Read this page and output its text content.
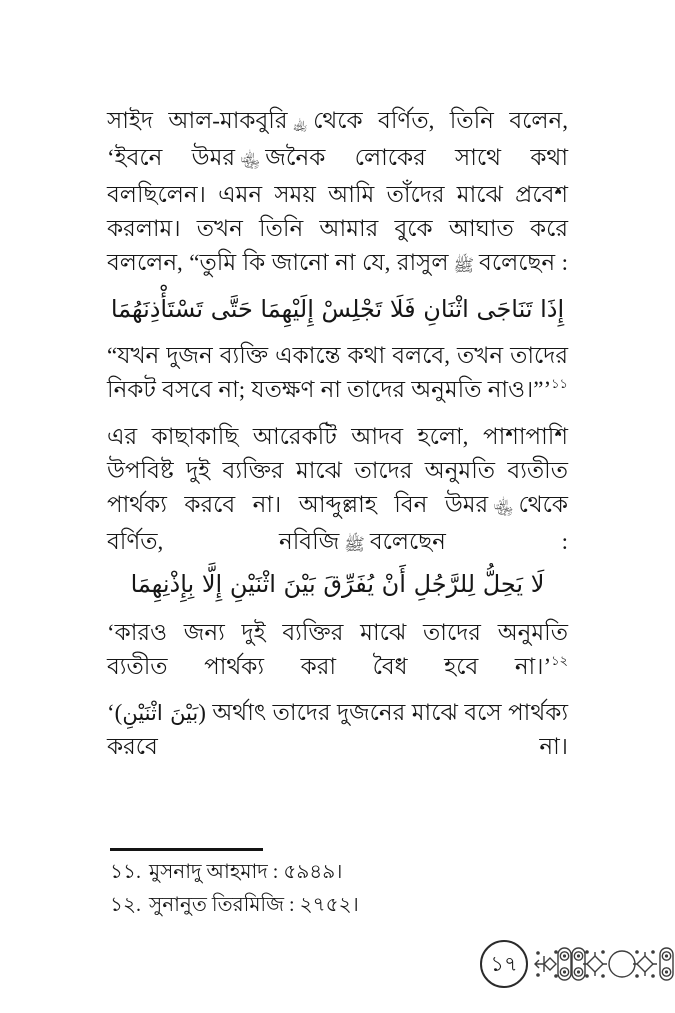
সাইদ আল-মাকবুরি ﵀ থেকে বর্ণিত, তিনি বলেন, ‘ইবনে উমর ﵄ জনৈক লোকের সাথে কথা বলছিলেন। এমন সময় আমি তাঁদের মাঝে প্রবেশ করলাম। তখন তিনি আমার বুকে আঘাত করে বললেন, “তুমি কি জানো না যে, রাসুল ﷺ বলেছেন :
إِذَا تَنَاجَى اثْنَانِ فَلَا تَجْلِسْ إِلَيْهِمَا حَتَّى تَسْتَأْذِنَهُمَا
“যখন দুজন ব্যক্তি একান্তে কথা বলবে, তখন তাদের নিকট বসবে না; যতক্ষণ না তাদের অনুমতি নাও।”’$^{১১}$
এর কাছাকাছি আরেকটি আদব হলো, পাশাপাশি উপবিষ্ট দুই ব্যক্তির মাঝে তাদের অনুমতি ব্যতীত পার্থক্য করবে না। আব্দুল্লাহ বিন উমর ﵄ থেকে বর্ণিত, নবিজি ﷺ বলেছেন :
لَا يَحِلُّ لِلرَّجُلِ أَنْ يُفَرِّقَ بَيْنَ اثْنَيْنِ إِلَّا بِإِذْنِهِمَا
‘কারও জন্য দুই ব্যক্তির মাঝে তাদের অনুমতি ব্যতীত পার্থক্য করা বৈধ হবে না।’$^{১২}$
‘(بَيْنَ اثْنَيْنِ) অর্থাৎ তাদের দুজনের মাঝে বসে পার্থক্য করবে না।
১১. মুসনাদু আহমাদ : ৫৯৪৯।
১২. সুনানুত তিরমিজি : ২৭৫২।
১৭
